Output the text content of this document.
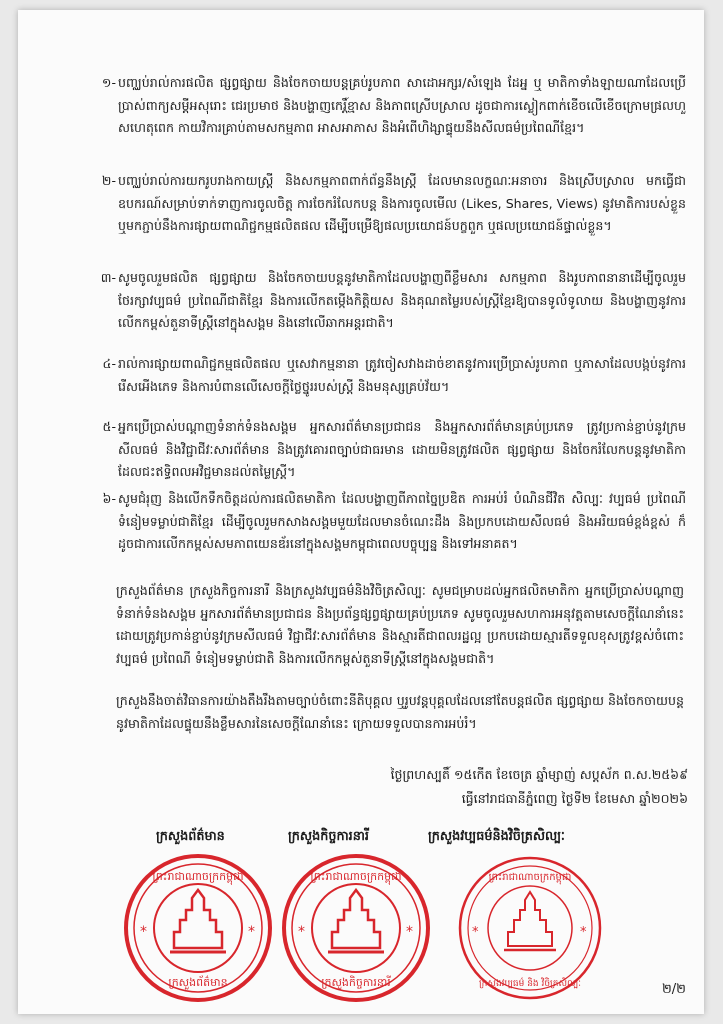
១- បញ្ឈប់រាល់ការផលិត ផ្សព្វផ្សាយ និងចែកចាយបន្តគ្រប់រូបភាព សាដោអក្សរ/សំឡេង ដែអ្ន ឬ មាតិកាទាំងឡាយណាដែលប្រើប្រាស់ពាក្យសម្តីអសុរោះ ជេរប្រមាថ និងបង្ហាញកេរ្តិ៍ខ្មាស និងភាពស្រើបស្រាល ដូចជាការស្លៀកពាក់ខើចលើខើចក្រោមផ្រលហួសហេតុពេក កាយវិការគ្រាប់តាមសកម្មភាព អាសអាភាស និងអំពើហិង្សាផ្ទុយនឹងសីលធម៌ប្រពៃណីខ្មែរ។
២- បញ្ឈប់រាល់ការយករូបរាងកាយស្ត្រី និងសកម្មភាពពាក់ព័ន្ធនឹងស្ត្រី ដែលមានលក្ខណៈអនាចារ និងស្រើបស្រាល មកធ្វើជាឧបករណ៍សម្រាប់ទាក់ទាញការចូលចិត្ត ការចែករំលែកបន្ត និងការចូលមើល (Likes, Shares, Views) នូវមាតិការបស់ខ្លួន ឬមកភ្ជាប់នឹងការផ្សាយពាណិជ្ជកម្មផលិតផល ដើម្បីបម្រើឱ្យផលប្រយោជន៍បក្ខពួក ឬផលប្រយោជន៍ផ្ទាល់ខ្លួន។
៣- សូមចូលរួមផលិត ផ្សព្វផ្សាយ និងចែកចាយបន្តនូវមាតិកាដែលបង្ហាញពីខ្លឹមសារ សកម្មភាព និងរូបភាពនានាដើម្បីចូលរួមថែរក្សាវប្បធម៌ ប្រពៃណីជាតិខ្មែរ និងការលើកតម្កើងកិត្តិយស និងគុណតម្លៃរបស់ស្ត្រីខ្មែរឱ្យបានទូលំទូលាយ និងបង្ហាញនូវការលើកកម្ពស់តួនាទីស្ត្រីនៅក្នុងសង្គម និងនៅលើឆាកអន្តរជាតិ។
៤- រាល់ការផ្សាយពាណិជ្ជកម្មផលិតផល ឬសេវាកម្មនានា ត្រូវចៀសវាងដាច់ខាតនូវការប្រើប្រាស់រូបភាព ឬភាសាដែលបង្កប់នូវការរើសអើងភេទ និងការបំពានលើសេចក្តីថ្លៃថ្នូររបស់ស្ត្រី និងមនុស្សគ្រប់វ័យ។
៥- អ្នកប្រើប្រាស់បណ្តាញទំនាក់ទំនងសង្គម អ្នកសារព័ត៌មានប្រជាជន និងអ្នកសារព័ត៌មានគ្រប់ប្រភេទ ត្រូវប្រកាន់ខ្ជាប់នូវក្រមសីលធម៌ និងវិជ្ជាជីវៈសារព័ត៌មាន និងត្រូវគោរពច្បាប់ជាធរមាន ដោយមិនត្រូវផលិត ផ្សព្វផ្សាយ និងចែករំលែកបន្តនូវមាតិកាដែលជះឥទ្ធិពលអវិជ្ជមានដល់តម្លៃស្ត្រី។
៦- សូមជំរុញ និងលើកទឹកចិត្តដល់ការផលិតមាតិកា ដែលបង្ហាញពីភាពច្នៃប្រឌិត ការអប់រំ បំណិនជីវិត សិល្បៈ វប្បធម៌ ប្រពៃណី ទំនៀមទម្លាប់ជាតិខ្មែរ ដើម្បីចូលរួមកសាងសង្គមមួយដែលមានចំណេះដឹង និងប្រកបដោយសីលធម៌ និងអរិយធម៌ខ្ពង់ខ្ពស់ ក៏ដូចជាការលើកកម្ពស់សមភាពយេនឌ័រនៅក្នុងសង្គមកម្ពុជាពេលបច្ចុប្បន្ន និងទៅអនាគត។
ក្រសួងព័ត៌មាន ក្រសួងកិច្ចការនារី និងក្រសួងវប្បធម៌និងវិចិត្រសិល្បៈ សូមជម្រាបដល់អ្នកផលិតមាតិកា អ្នកប្រើប្រាស់បណ្តាញទំនាក់ទំនងសង្គម អ្នកសារព័ត៌មានប្រជាជន និងប្រព័ន្ធផ្សព្វផ្សាយគ្រប់ប្រភេទ សូមចូលរួមសហការអនុវត្តតាមសេចក្តីណែនាំនេះ ដោយត្រូវប្រកាន់ខ្ជាប់នូវក្រមសីលធម៌ វិជ្ជាជីវៈសារព័ត៌មាន និងស្មារតីជាពលរដ្ឋល្អ ប្រកបដោយស្មារតីទទួលខុសត្រូវខ្ពស់ចំពោះវប្បធម៌ ប្រពៃណី ទំនៀមទម្លាប់ជាតិ និងការលើកកម្ពស់តួនាទីស្ត្រីនៅក្នុងសង្គមជាតិ។
ក្រសួងនឹងចាត់វិធានការយ៉ាងតឹងរឹងតាមច្បាប់ចំពោះនីតិបុគ្គល ឬរូបវន្តបុគ្គលដែលនៅតែបន្តផលិត ផ្សព្វផ្សាយ និងចែកចាយបន្តនូវមាតិកាដែលផ្ទុយនឹងខ្លឹមសារនៃសេចក្តីណែនាំនេះ ក្រោយទទួលបានការអប់រំ។
ថ្ងៃព្រហស្បតិ៍ ១៥កើត ខែចេត្រ ឆ្នាំម្សាញ់ សប្តស័ក ព.ស.២៥៦៩
ធ្វើនៅរាជធានីភ្នំពេញ ថ្ងៃទី២ ខែមេសា ឆ្នាំ២០២៦
ក្រសួងព័ត៌មាន	ក្រសួងកិច្ចការនារី	ក្រសួងវប្បធម៌និងវិចិត្រសិល្បៈ
ព្រះរាជាណាចក្រកម្ពុជា
ក្រសួងព័ត៌មាន
*	*
ព្រះរាជាណាចក្រកម្ពុជា
ក្រសួងកិច្ចការនារី
*	*
ព្រះរាជាណាចក្រកម្ពុជា
ក្រសួងវប្បធម៌ និង វិចិត្រសិល្បៈ
*	*
២/២
